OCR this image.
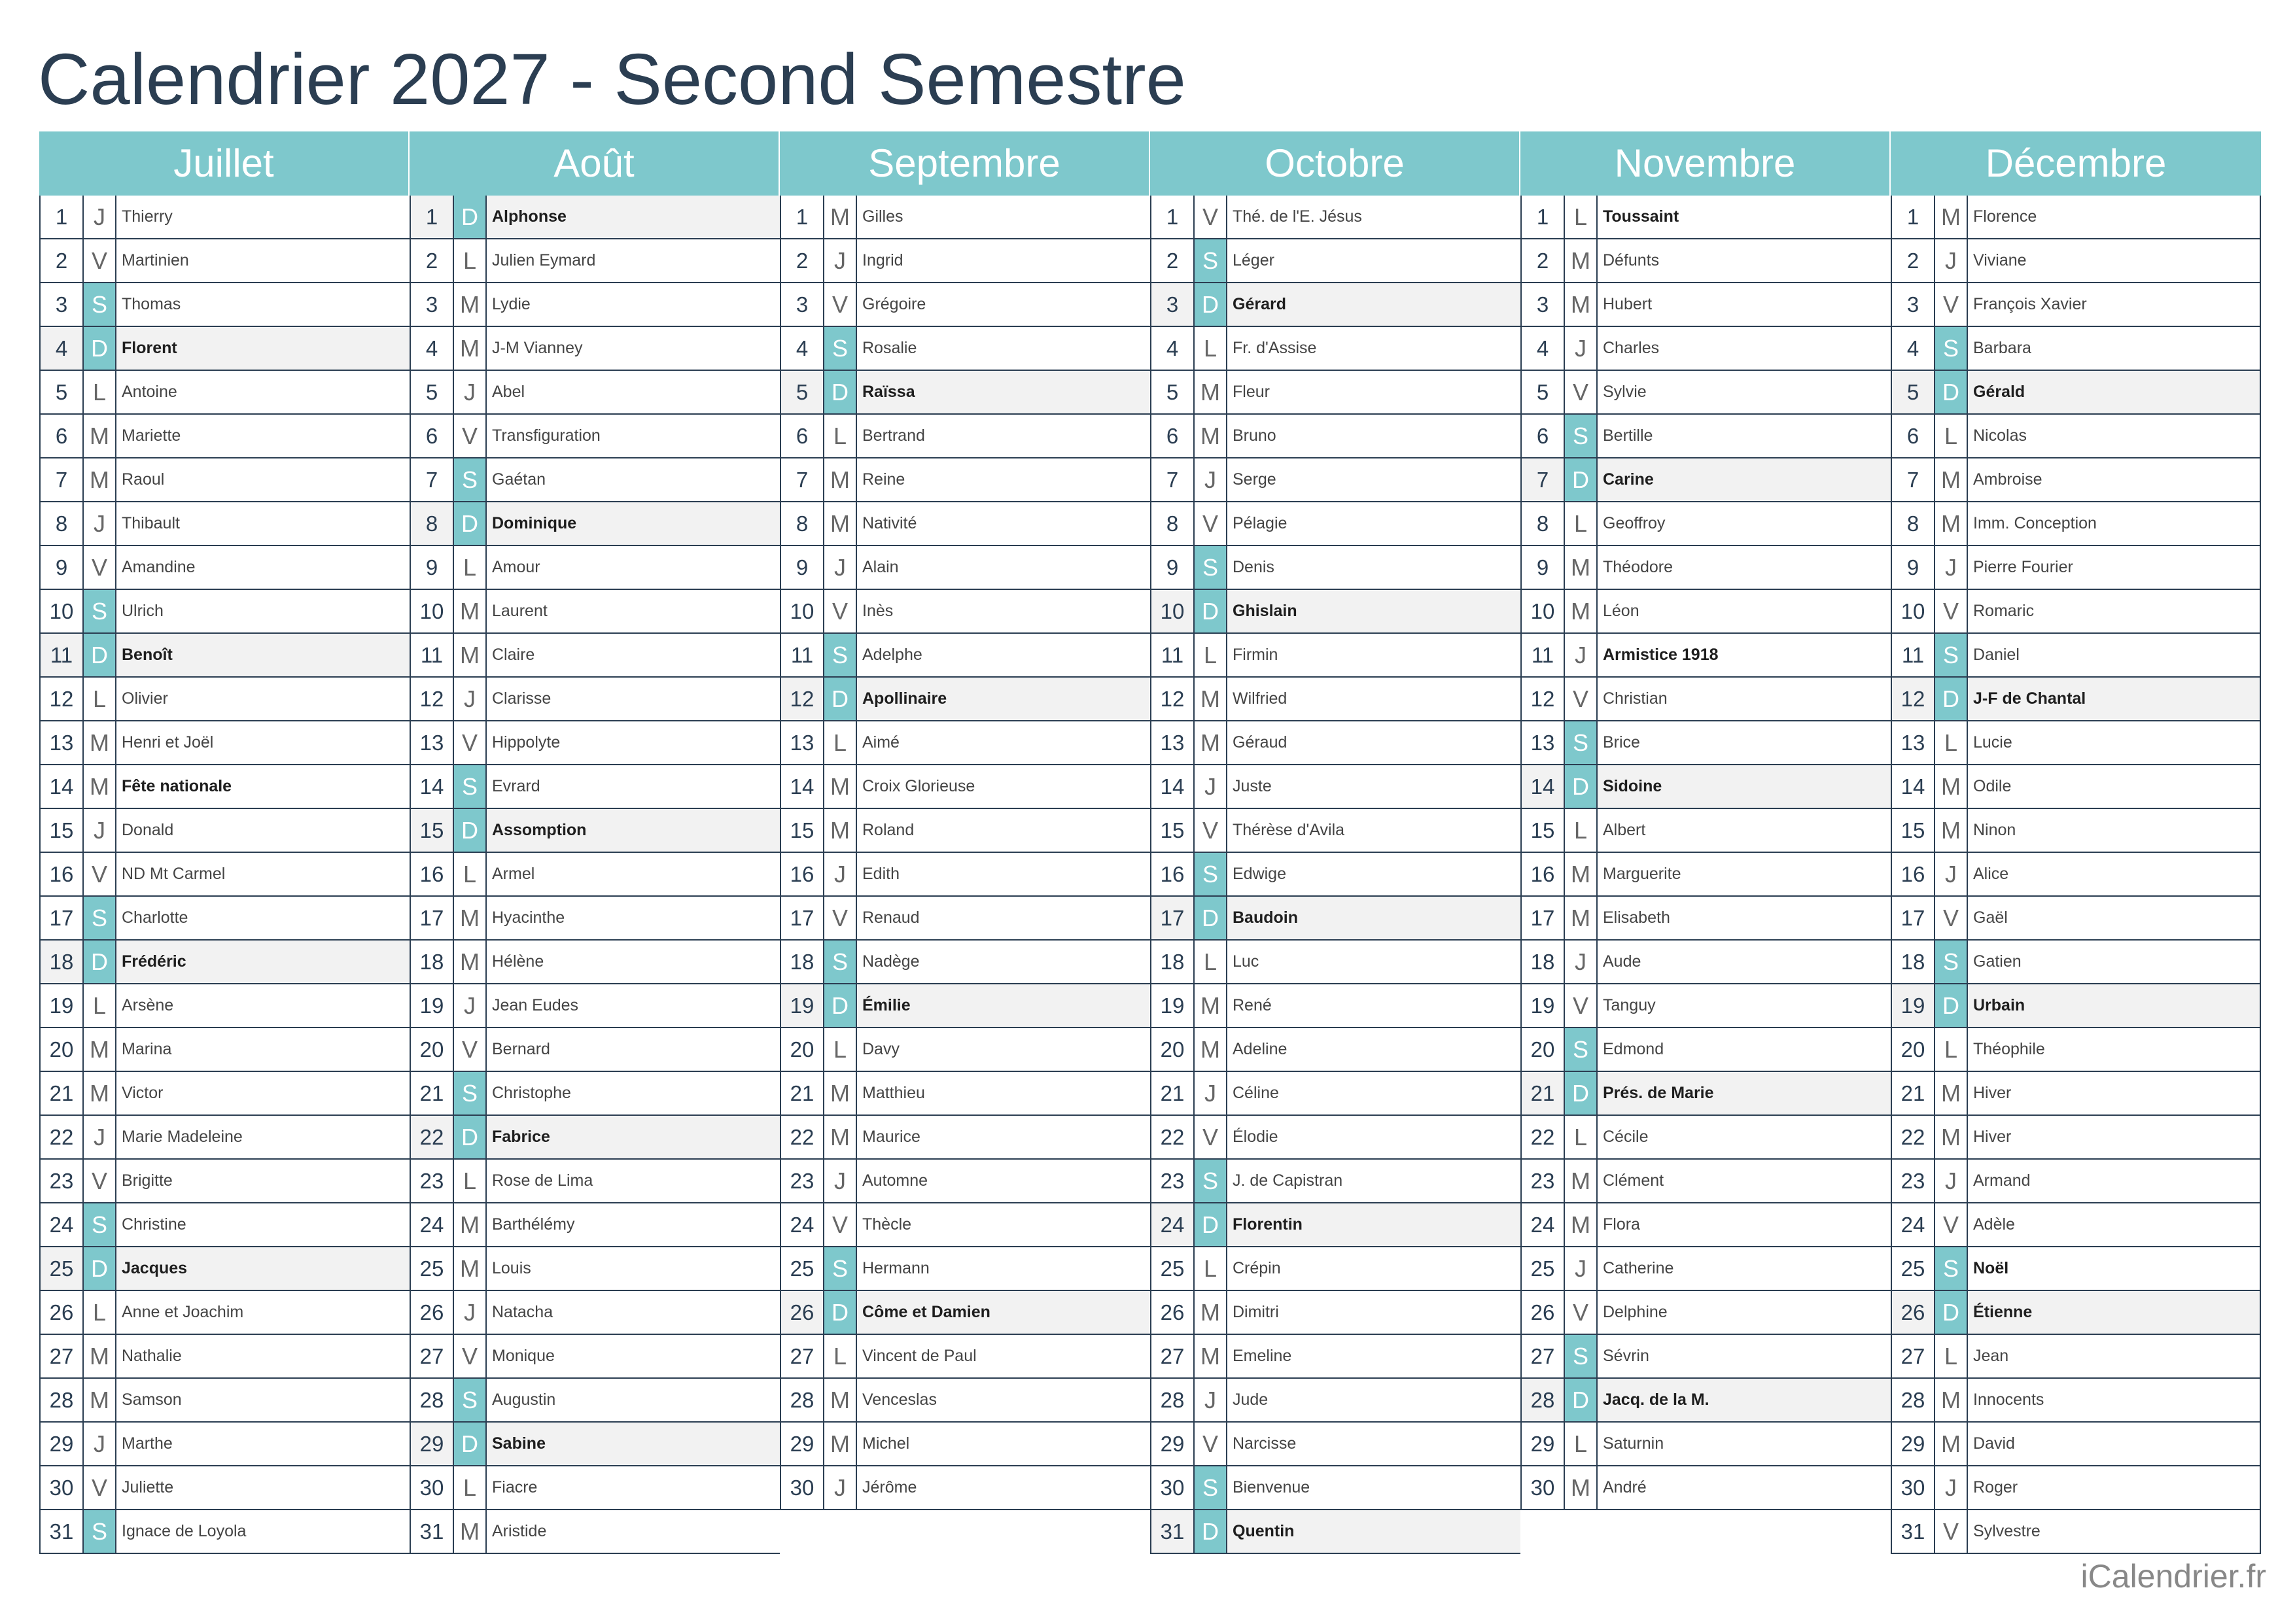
Calendrier 2027 - Second Semestre
Juillet
1	J	Thierry
2	V Martinien
3	S Thomas
4 D Florent
5	L Antoine
6 M Mariette
7 M Raoul
8	J	Thibault
9	V Amandine
10 S Ulrich
11 D Benoît
12 L Olivier
13 M Henri et Joël
14 M Fête nationale
15 J	Donald
16 V ND Mt Carmel
17 S Charlotte
18 D Frédéric
19 L Arsène
20 M Marina
21 M Victor
22 J	Marie Madeleine
23 V Brigitte
24 S Christine
25 D Jacques
26 L Anne et Joachim
27 M Nathalie
28 M Samson
29 J	Marthe
30 V Juliette
31 S Ignace de Loyola
Août
1 D Alphonse
2	L Julien Eymard
3 M Lydie
4 M J-M Vianney
5	J	Abel
6	V Transfiguration
7	S Gaétan
8 D Dominique
9	L Amour
10 M Laurent
11 M Claire
12 J	Clarisse
13 V Hippolyte
14 S Evrard
15 D Assomption
16 L Armel
17 M Hyacinthe
18 M Hélène
19 J	Jean Eudes
20 V Bernard
21 S Christophe
22 D Fabrice
23 L Rose de Lima
24 M Barthélémy
25 M Louis
26 J	Natacha
27 V Monique
28 S Augustin
29 D Sabine
30 L Fiacre
31 M Aristide
Septembre
1 M Gilles
2	J	Ingrid
3	V Grégoire
4	S Rosalie
5 D Raïssa
6	L Bertrand
7 M Reine
8 M Nativité
9	J	Alain
10 V Inès
11 S Adelphe
12 D Apollinaire
13 L Aimé
14 M Croix Glorieuse
15 M Roland
16 J	Edith
17 V Renaud
18 S Nadège
19 D Émilie
20 L Davy
21 M Matthieu
22 M Maurice
23 J	Automne
24 V Thècle
25 S Hermann
26 D Côme et Damien
27 L Vincent de Paul
28 M Venceslas
29 M Michel
30 J	Jérôme
Octobre
1	V Thé. de l'E. Jésus
2	S Léger
3 D Gérard
4	L Fr. d'Assise
5 M Fleur
6 M Bruno
7	J	Serge
8	V Pélagie
9	S Denis
10 D Ghislain
11 L Firmin
12 M Wilfried
13 M Géraud
14 J	Juste
15 V Thérèse d'Avila
16 S Edwige
17 D Baudoin
18 L Luc
19 M René
20 M Adeline
21 J	Céline
22 V Élodie
23 S J. de Capistran
24 D Florentin
25 L Crépin
26 M Dimitri
27 M Emeline
28 J	Jude
29 V Narcisse
30 S Bienvenue
31 D Quentin
Novembre
1	L Toussaint
2 M Défunts
3 M Hubert
4	J	Charles
5	V Sylvie
6	S Bertille
7 D Carine
8	L Geoffroy
9 M Théodore
10 M Léon
11 J	Armistice 1918
12 V Christian
13 S Brice
14 D Sidoine
15 L Albert
16 M Marguerite
17 M Elisabeth
18 J	Aude
19 V Tanguy
20 S Edmond
21 D Prés. de Marie
22 L Cécile
23 M Clément
24 M Flora
25 J	Catherine
26 V Delphine
27 S Sévrin
28 D Jacq. de la M.
29 L Saturnin
30 M André
Décembre
1 M Florence
2	J	Viviane
3	V François Xavier
4	S Barbara
5 D Gérald
6	L Nicolas
7 M Ambroise
8 M Imm. Conception
9	J	Pierre Fourier
10 V Romaric
11 S Daniel
12 D J-F de Chantal
13 L Lucie
14 M Odile
15 M Ninon
16 J	Alice
17 V Gaël
18 S Gatien
19 D Urbain
20 L Théophile
21 M Hiver
22 M Hiver
23 J	Armand
24 V Adèle
25 S Noël
26 D Étienne
27 L Jean
28 M Innocents
29 M David
30 J	Roger
31 V Sylvestre
iCalendrier.fr
